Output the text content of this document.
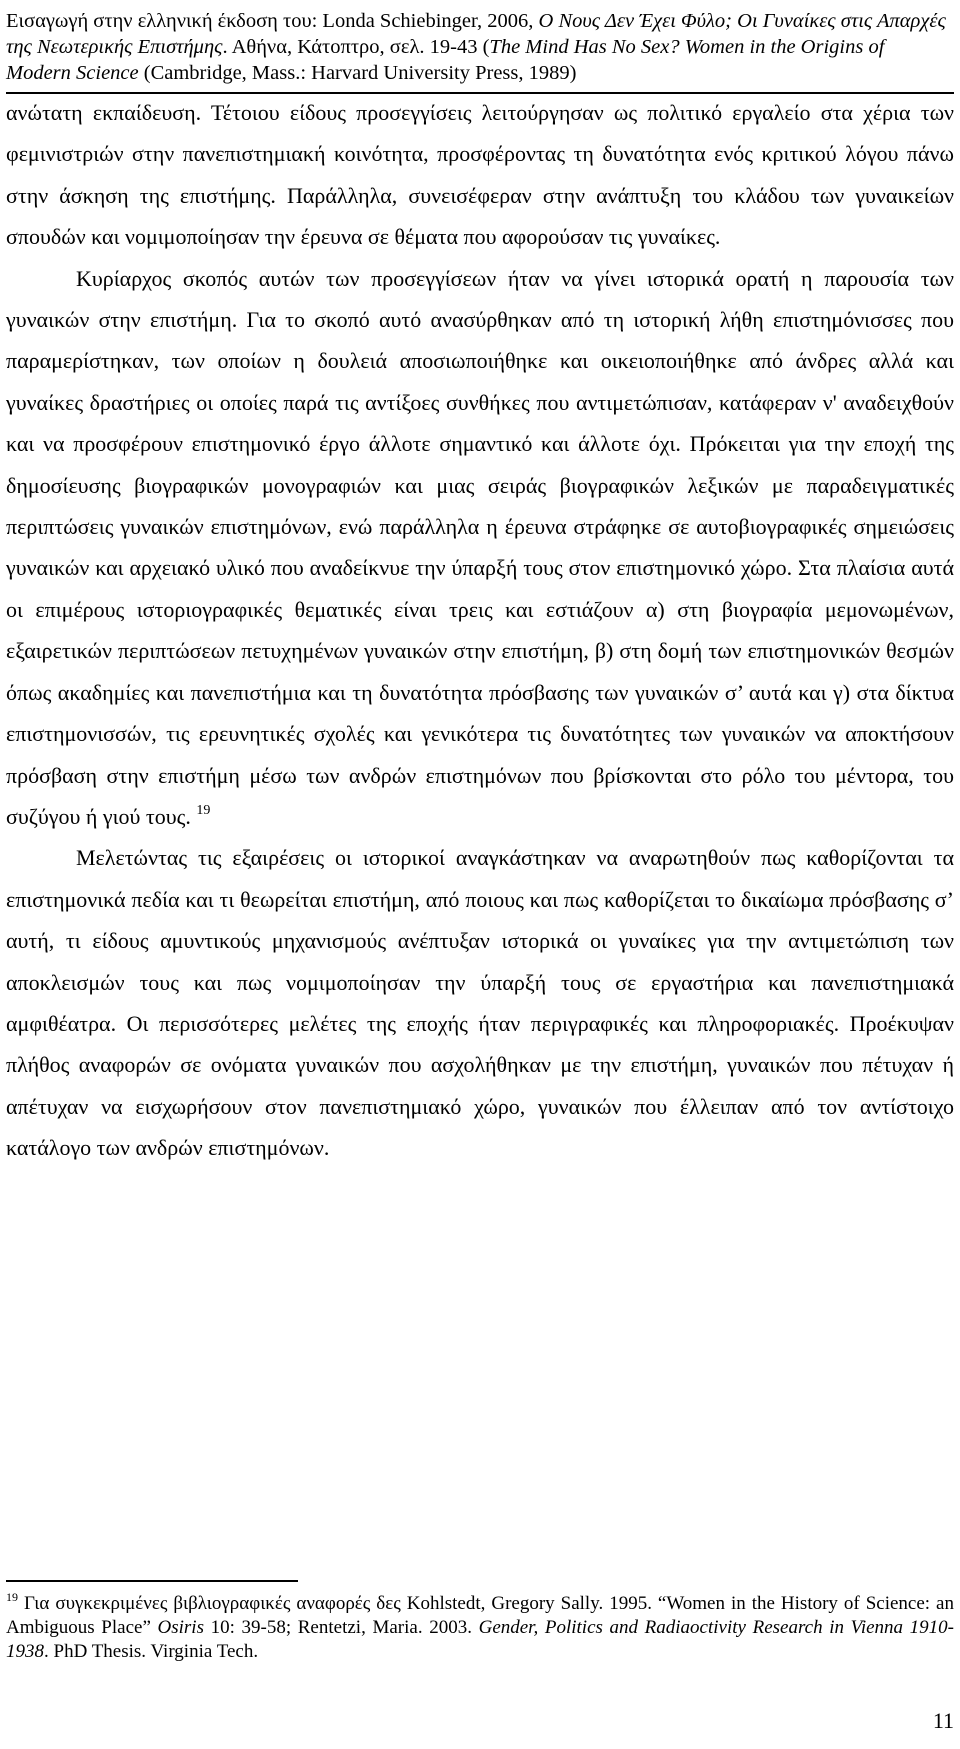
Εισαγωγή στην ελληνική έκδοση του: Londa Schiebinger, 2006, Ο Νους Δεν Έχει Φύλο; Οι Γυναίκες στις Απαρχές της Νεωτερικής Επιστήμης. Αθήνα, Κάτοπτρο, σελ. 19-43 (The Mind Has No Sex? Women in the Origins of Modern Science (Cambridge, Mass.: Harvard University Press, 1989)

ανώτατη εκπαίδευση. Τέτοιου είδους προσεγγίσεις λειτούργησαν ως πολιτικό εργαλείο στα χέρια των φεμινιστριών στην πανεπιστημιακή κοινότητα, προσφέροντας τη δυνατότητα ενός κριτικού λόγου πάνω στην άσκηση της επιστήμης. Παράλληλα, συνεισέφεραν στην ανάπτυξη του κλάδου των γυναικείων σπουδών και νομιμοποίησαν την έρευνα σε θέματα που αφορούσαν τις γυναίκες.

Κυρίαρχος σκοπός αυτών των προσεγγίσεων ήταν να γίνει ιστορικά ορατή η παρουσία των γυναικών στην επιστήμη. Για το σκοπό αυτό ανασύρθηκαν από τη ιστορική λήθη επιστημόνισσες που παραμερίστηκαν, των οποίων η δουλειά αποσιωποιήθηκε και οικειοποιήθηκε από άνδρες αλλά και γυναίκες δραστήριες οι οποίες παρά τις αντίξοες συνθήκες που αντιμετώπισαν, κατάφεραν ν' αναδειχθούν και να προσφέρουν επιστημονικό έργο άλλοτε σημαντικό και άλλοτε όχι. Πρόκειται για την εποχή της δημοσίευσης βιογραφικών μονογραφιών και μιας σειράς βιογραφικών λεξικών με παραδειγματικές περιπτώσεις γυναικών επιστημόνων, ενώ παράλληλα η έρευνα στράφηκε σε αυτοβιογραφικές σημειώσεις γυναικών και αρχειακό υλικό που αναδείκνυε την ύπαρξή τους στον επιστημονικό χώρο. Στα πλαίσια αυτά οι επιμέρους ιστοριογραφικές θεματικές είναι τρεις και εστιάζουν α) στη βιογραφία μεμονωμένων, εξαιρετικών περιπτώσεων πετυχημένων γυναικών στην επιστήμη, β) στη δομή των επιστημονικών θεσμών όπως ακαδημίες και πανεπιστήμια και τη δυνατότητα πρόσβασης των γυναικών σ’ αυτά και γ) στα δίκτυα επιστημονισσών, τις ερευνητικές σχολές και γενικότερα τις δυνατότητες των γυναικών να αποκτήσουν πρόσβαση στην επιστήμη μέσω των ανδρών επιστημόνων που βρίσκονται στο ρόλο του μέντορα, του συζύγου ή γιού τους. $^{19}$

Μελετώντας τις εξαιρέσεις οι ιστορικοί αναγκάστηκαν να αναρωτηθούν πως καθορίζονται τα επιστημονικά πεδία και τι θεωρείται επιστήμη, από ποιους και πως καθορίζεται το δικαίωμα πρόσβασης σ’ αυτή, τι είδους αμυντικούς μηχανισμούς ανέπτυξαν ιστορικά οι γυναίκες για την αντιμετώπιση των αποκλεισμών τους και πως νομιμοποίησαν την ύπαρξή τους σε εργαστήρια και πανεπιστημιακά αμφιθέατρα. Οι περισσότερες μελέτες της εποχής ήταν περιγραφικές και πληροφοριακές. Προέκυψαν πλήθος αναφορών σε ονόματα γυναικών που ασχολήθηκαν με την επιστήμη, γυναικών που πέτυχαν ή απέτυχαν να εισχωρήσουν στον πανεπιστημιακό χώρο, γυναικών που έλλειπαν από τον αντίστοιχο κατάλογο των ανδρών επιστημόνων.

$^{19}$ Για συγκεκριμένες βιβλιογραφικές αναφορές δες Kohlstedt, Gregory Sally. 1995. “Women in the History of Science: an Ambiguous Place” Osiris 10: 39-58; Rentetzi, Maria. 2003. Gender, Politics and Radiaoctivity Research in Vienna 1910-1938. PhD Thesis. Virginia Tech.
11
